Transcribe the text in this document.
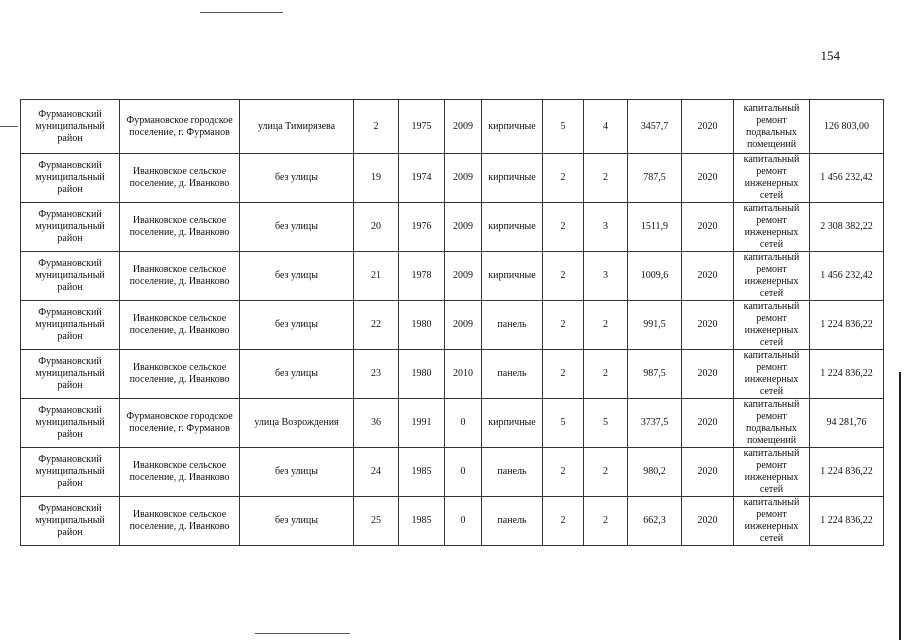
154
Фурмановский муниципальный район	Фурмановское городское поселение, г. Фурманов	улица Тимирязева	2	1975	2009	кирпичные	5	4	3457,7	2020	капитальный ремонт подвальных помещений	126 803,00
Фурмановский муниципальный район	Иванковское сельское поселение, д. Иванково	без улицы	19	1974	2009	кирпичные	2	2	787,5	2020	капитальный ремонт инженерных сетей	1 456 232,42
Фурмановский муниципальный район	Иванковское сельское поселение, д. Иванково	без улицы	20	1976	2009	кирпичные	2	3	1511,9	2020	капитальный ремонт инженерных сетей	2 308 382,22
Фурмановский муниципальный район	Иванковское сельское поселение, д. Иванково	без улицы	21	1978	2009	кирпичные	2	3	1009,6	2020	капитальный ремонт инженерных сетей	1 456 232,42
Фурмановский муниципальный район	Иванковское сельское поселение, д. Иванково	без улицы	22	1980	2009	панель	2	2	991,5	2020	капитальный ремонт инженерных сетей	1 224 836,22
Фурмановский муниципальный район	Иванковское сельское поселение, д. Иванково	без улицы	23	1980	2010	панель	2	2	987,5	2020	капитальный ремонт инженерных сетей	1 224 836,22
Фурмановский муниципальный район	Фурмановское городское поселение, г. Фурманов	улица Возрождения	36	1991	0	кирпичные	5	5	3737,5	2020	капитальный ремонт подвальных помещений	94 281,76
Фурмановский муниципальный район	Иванковское сельское поселение, д. Иванково	без улицы	24	1985	0	панель	2	2	980,2	2020	капитальный ремонт инженерных сетей	1 224 836,22
Фурмановский муниципальный район	Иванковское сельское поселение, д. Иванково	без улицы	25	1985	0	панель	2	2	662,3	2020	капитальный ремонт инженерных сетей	1 224 836,22
